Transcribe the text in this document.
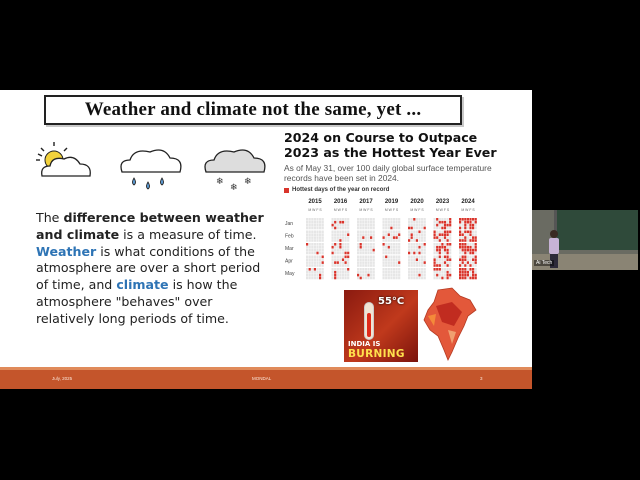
Weather and climate not the same, yet ...
❄
❄
❄
The difference between weather and climate is a measure of time. Weather is what conditions of the atmosphere are over a short period of time, and climate is how the atmosphere "behaves" over relatively long periods of time.
2024 on Course to Outpace
2023 as the Hottest Year Ever
As of May 31, over 100 daily global surface temperature records have been set in 2024.
Hottest days of the year on record
2015
M W F S
2016
M W F S
2017
M W F S
2019
M W F S
2020
M W F S
2023
M W F S
2024
M W F S
Jan
Feb
Mar
Apr
May
55°C
INDIA IS
BURNING
July, 2025	MONDAL	3
Ai Tech
